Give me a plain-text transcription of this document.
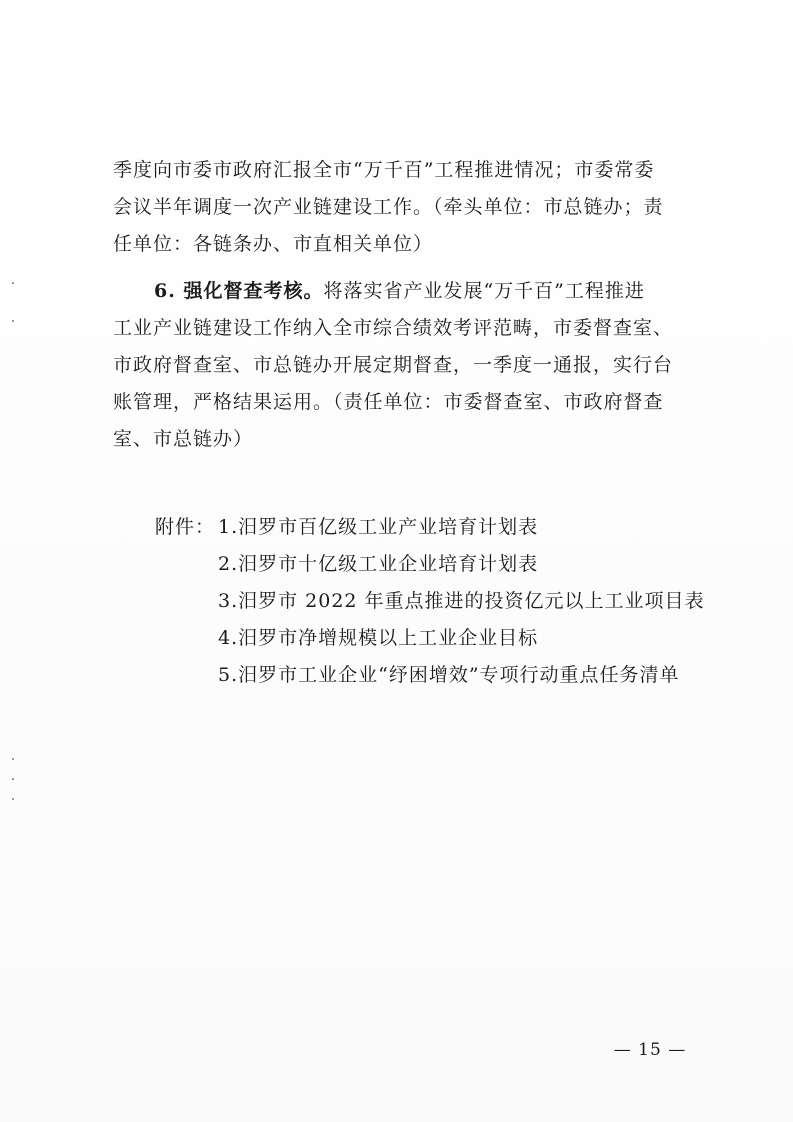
季度向市委市政府汇报全市“万千百”工程推进情况；市委常委
会议半年调度一次产业链建设工作。（牵头单位：市总链办；责
任单位：各链条办、市直相关单位）
6. 强化督查考核。将落实省产业发展“万千百”工程推进
工业产业链建设工作纳入全市综合绩效考评范畴，市委督查室、
市政府督查室、市总链办开展定期督查，一季度一通报，实行台
账管理，严格结果运用。（责任单位：市委督查室、市政府督查
室、市总链办）
附件： 1.汨罗市百亿级工业产业培育计划表
2.汨罗市十亿级工业企业培育计划表
3.汨罗市 2022 年重点推进的投资亿元以上工业项目表
4.汨罗市净增规模以上工业企业目标
5.汨罗市工业企业“纾困增效”专项行动重点任务清单
— 15 —
